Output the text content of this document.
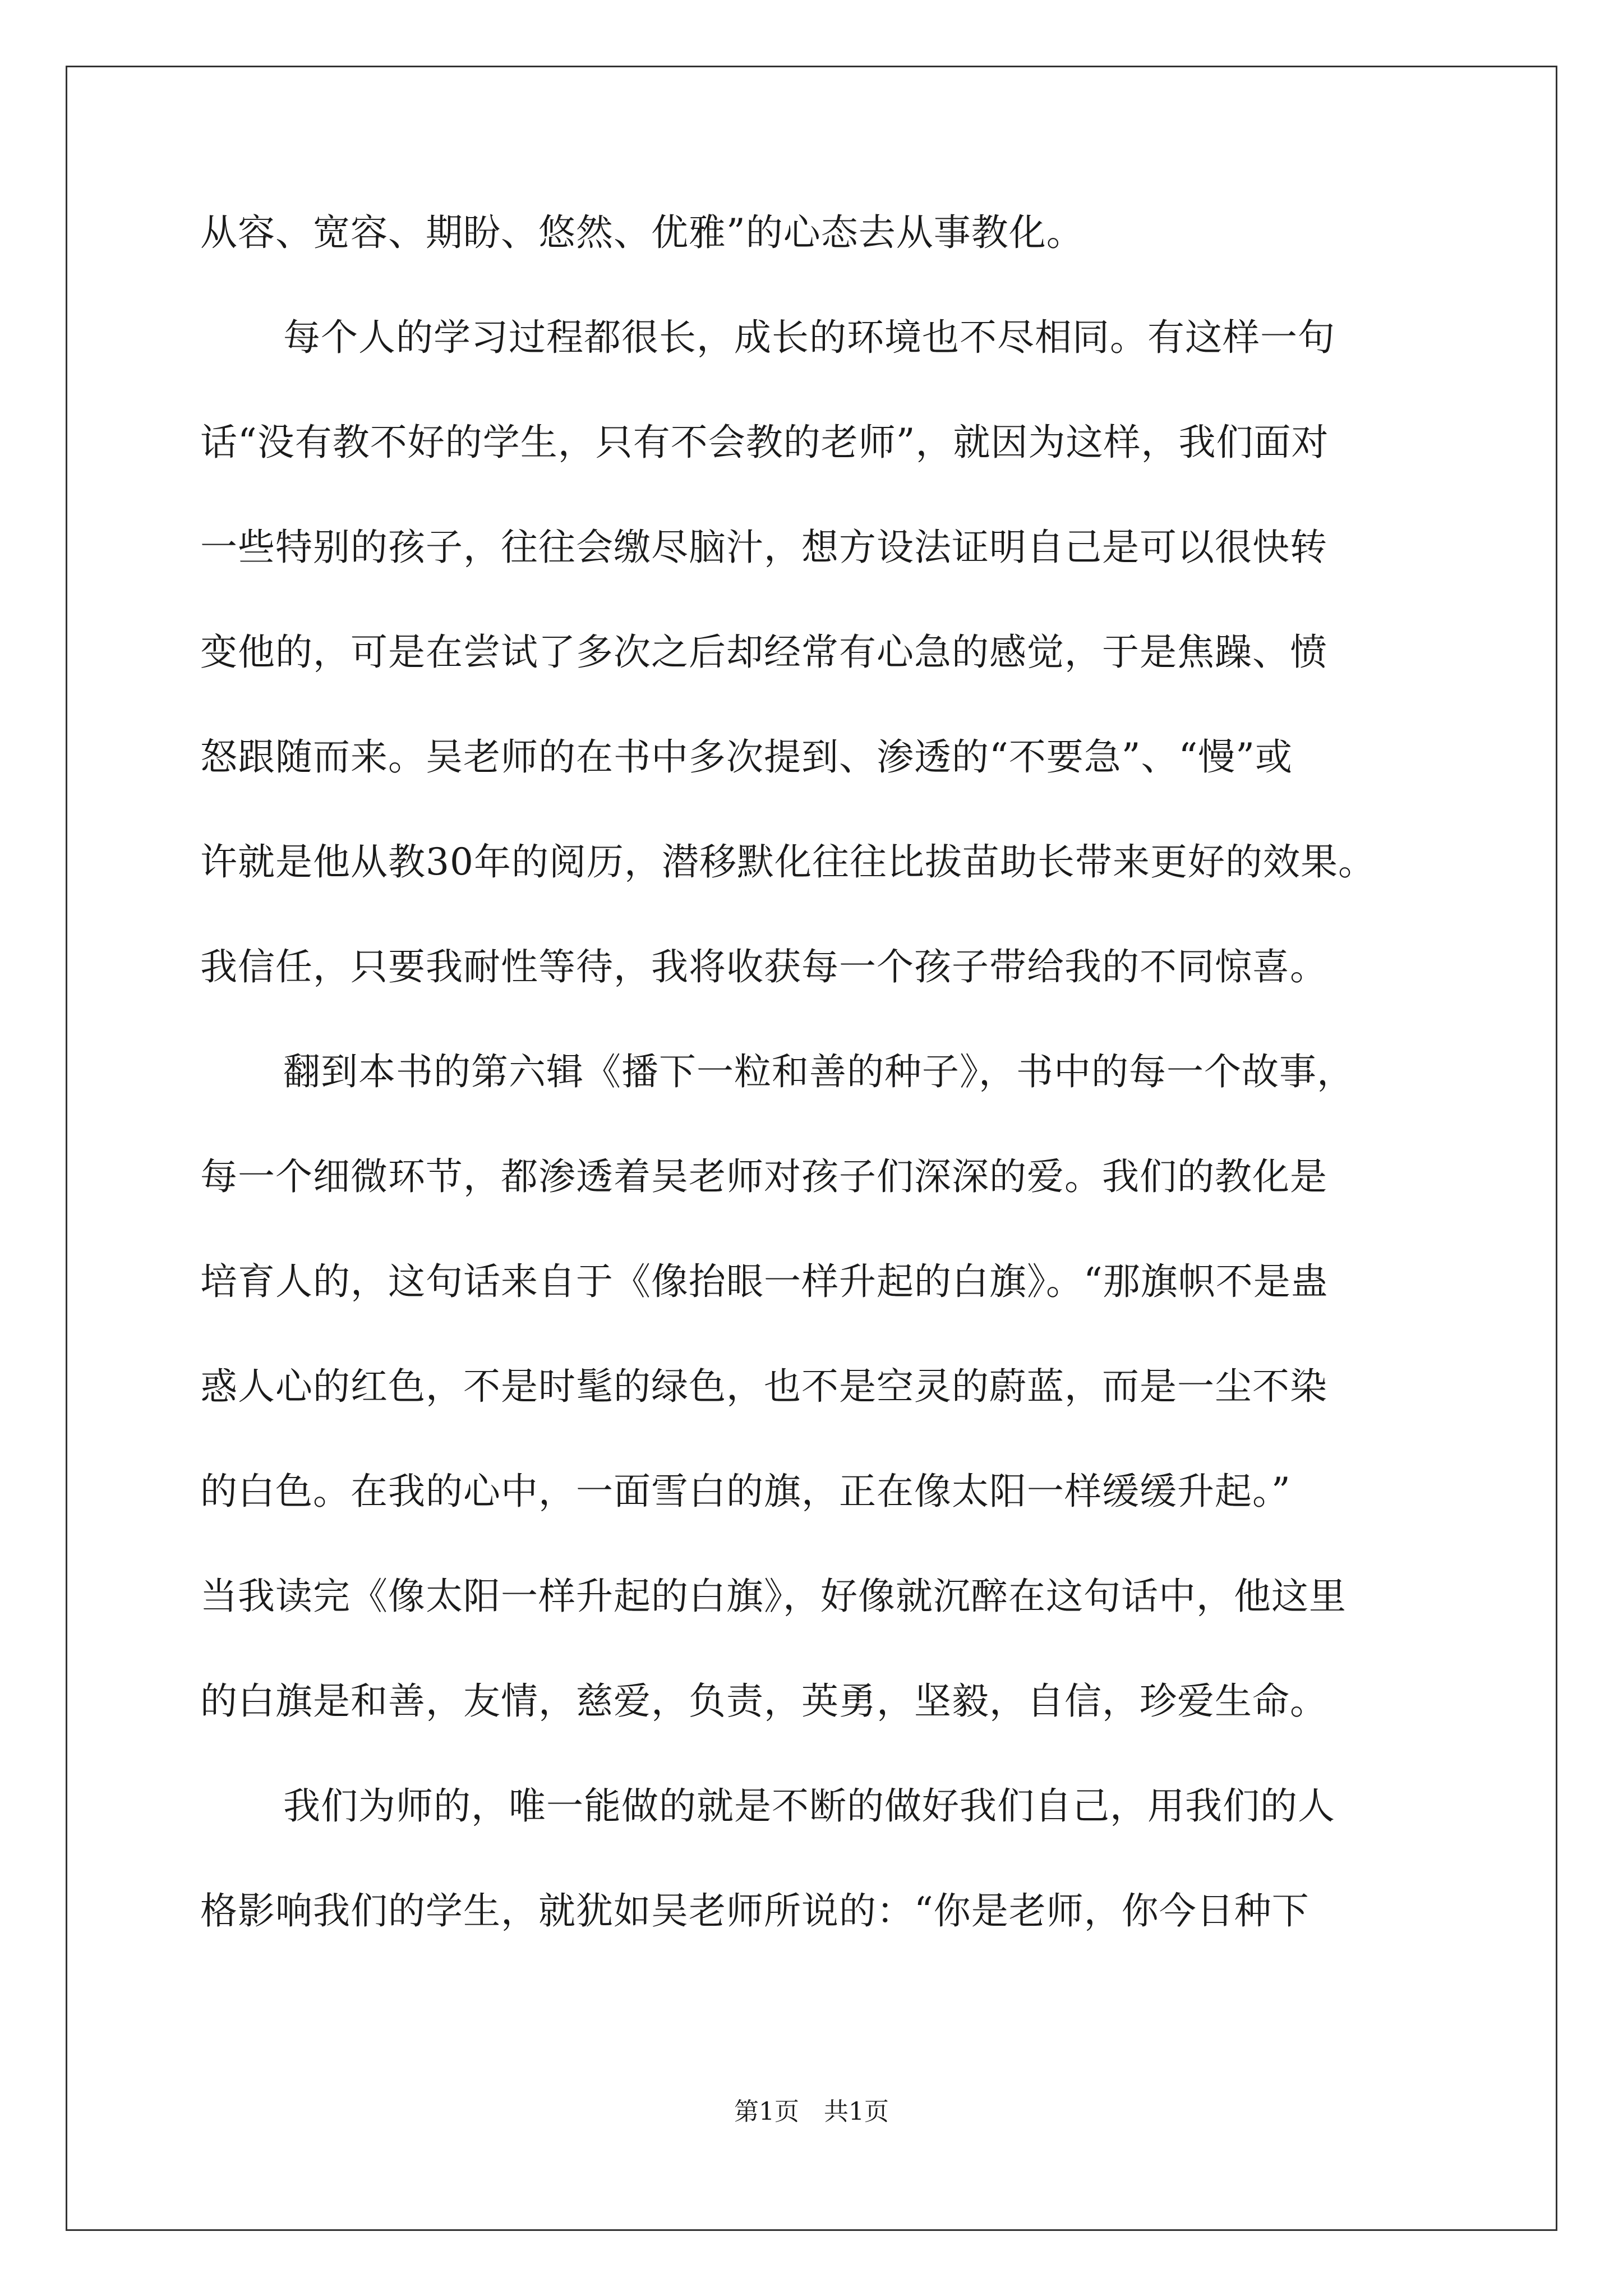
从容、宽容、期盼、悠然、优雅”的心态去从事教化。
每个人的学习过程都很长，成长的环境也不尽相同。有这样一句
话“没有教不好的学生，只有不会教的老师”，就因为这样，我们面对
一些特别的孩子，往往会缴尽脑汁，想方设法证明自己是可以很快转
变他的，可是在尝试了多次之后却经常有心急的感觉，于是焦躁、愤
怒跟随而来。吴老师的在书中多次提到、渗透的“不要急”、“慢”或
许就是他从教30年的阅历，潜移默化往往比拔苗助长带来更好的效果。
我信任，只要我耐性等待，我将收获每一个孩子带给我的不同惊喜。
翻到本书的第六辑《播下一粒和善的种子》，书中的每一个故事，
每一个细微环节，都渗透着吴老师对孩子们深深的爱。我们的教化是
培育人的，这句话来自于《像抬眼一样升起的白旗》。“那旗帜不是蛊
惑人心的红色，不是时髦的绿色，也不是空灵的蔚蓝，而是一尘不染
的白色。在我的心中，一面雪白的旗，正在像太阳一样缓缓升起。”
当我读完《像太阳一样升起的白旗》，好像就沉醉在这句话中，他这里
的白旗是和善，友情，慈爱，负责，英勇，坚毅，自信，珍爱生命。
我们为师的，唯一能做的就是不断的做好我们自己，用我们的人
格影响我们的学生，就犹如吴老师所说的：“你是老师，你今日种下
第1页　共1页
